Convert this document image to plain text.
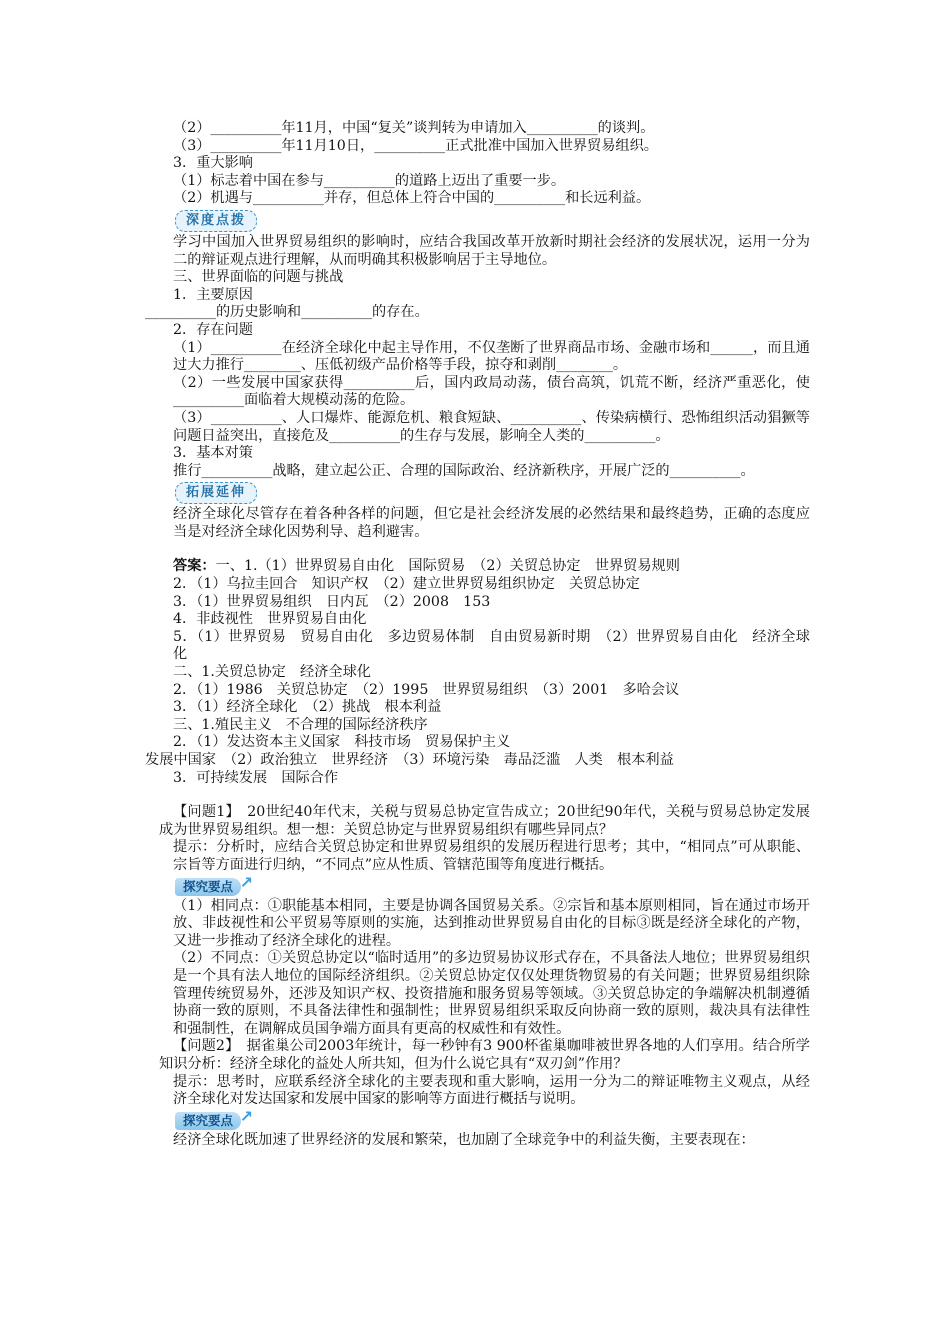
（2）__________年11月，中国“复关”谈判转为申请加入__________的谈判。
（3）__________年11月10日，__________正式批准中国加入世界贸易组织。
3．重大影响
（1）标志着中国在参与__________的道路上迈出了重要一步。
（2）机遇与__________并存，但总体上符合中国的__________和长远利益。
深度点拨
学习中国加入世界贸易组织的影响时，应结合我国改革开放新时期社会经济的发展状况，运用一分为二的辩证观点进行理解，从而明确其积极影响居于主导地位。
三、世界面临的问题与挑战
1．主要原因
__________的历史影响和__________的存在。
2．存在问题
（1）__________在经济全球化中起主导作用，不仅垄断了世界商品市场、金融市场和______，而且通过大力推行________、压低初级产品价格等手段，掠夺和剥削________。
（2）一些发展中国家获得__________后，国内政局动荡，债台高筑，饥荒不断，经济严重恶化，使__________面临着大规模动荡的危险。
（3）__________、人口爆炸、能源危机、粮食短缺、__________、传染病横行、恐怖组织活动猖獗等问题日益突出，直接危及__________的生存与发展，影响全人类的__________。
3．基本对策
推行__________战略，建立起公正、合理的国际政治、经济新秩序，开展广泛的__________。
拓展延伸
经济全球化尽管存在着各种各样的问题，但它是社会经济发展的必然结果和最终趋势，正确的态度应当是对经济全球化因势利导、趋利避害。
答案：一、1.（1）世界贸易自由化　国际贸易　（2）关贸总协定　世界贸易规则
2．（1）乌拉圭回合　知识产权　（2）建立世界贸易组织协定　关贸总协定
3．（1）世界贸易组织　日内瓦　（2）2008　153
4．非歧视性　世界贸易自由化
5．（1）世界贸易　贸易自由化　多边贸易体制　自由贸易新时期　（2）世界贸易自由化　经济全球化
二、1.关贸总协定　经济全球化
2．（1）1986　关贸总协定　（2）1995　世界贸易组织　（3）2001　多哈会议
3．（1）经济全球化　（2）挑战　根本利益
三、1.殖民主义　不合理的国际经济秩序
2．（1）发达资本主义国家　科技市场　贸易保护主义
发展中国家　（2）政治独立　世界经济　（3）环境污染　毒品泛滥　人类　根本利益
3．可持续发展　国际合作
【问题1】　20世纪40年代末，关税与贸易总协定宣告成立；20世纪90年代，关税与贸易总协定发展成为世界贸易组织。想一想：关贸总协定与世界贸易组织有哪些异同点？
提示：分析时，应结合关贸总协定和世界贸易组织的发展历程进行思考；其中，“相同点”可从职能、宗旨等方面进行归纳，“不同点”应从性质、管辖范围等角度进行概括。
探究要点 ↗
（1）相同点：①职能基本相同，主要是协调各国贸易关系。②宗旨和基本原则相同，旨在通过市场开放、非歧视性和公平贸易等原则的实施，达到推动世界贸易自由化的目标③既是经济全球化的产物，又进一步推动了经济全球化的进程。
（2）不同点：①关贸总协定以“临时适用”的多边贸易协议形式存在，不具备法人地位；世界贸易组织是一个具有法人地位的国际经济组织。②关贸总协定仅仅处理货物贸易的有关问题；世界贸易组织除管理传统贸易外，还涉及知识产权、投资措施和服务贸易等领域。③关贸总协定的争端解决机制遵循协商一致的原则，不具备法律性和强制性；世界贸易组织采取反向协商一致的原则，裁决具有法律性和强制性，在调解成员国争端方面具有更高的权威性和有效性。
【问题2】　据雀巢公司2003年统计，每一秒钟有3 900杯雀巢咖啡被世界各地的人们享用。结合所学知识分析：经济全球化的益处人所共知，但为什么说它具有“双刃剑”作用？
提示：思考时，应联系经济全球化的主要表现和重大影响，运用一分为二的辩证唯物主义观点，从经济全球化对发达国家和发展中国家的影响等方面进行概括与说明。
探究要点 ↗
经济全球化既加速了世界经济的发展和繁荣，也加剧了全球竞争中的利益失衡，主要表现在：
